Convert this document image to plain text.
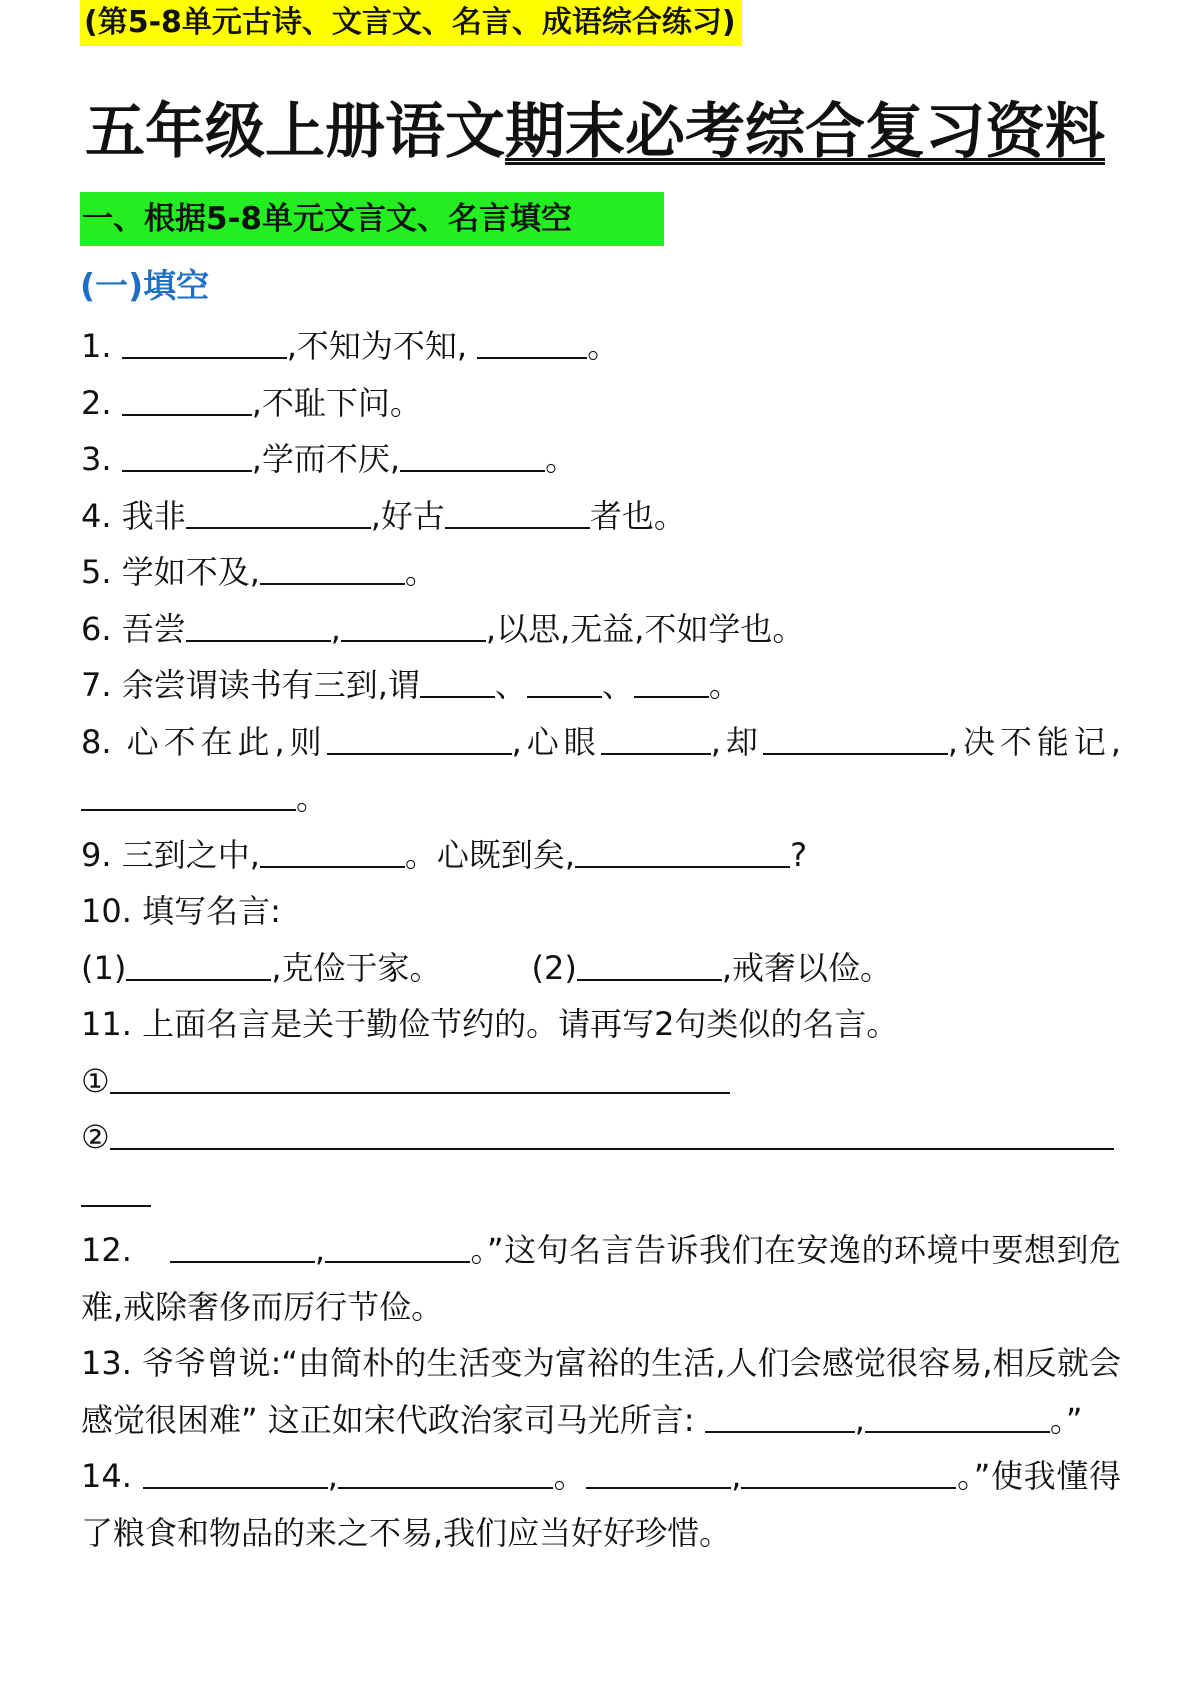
(第5-8单元古诗、文言文、名言、成语综合练习)
五年级上册语文期末必考综合复习资料
一、根据5-8单元文言文、名言填空
(一)填空
1.	,不知为不知,	。
2.	,不耻下问。
3.	,学而不厌,	。
4. 我非	,好古	者也。
5. 学如不及,	。
6. 吾尝	,	,以思,无益,不如学也。
7. 余尝谓读书有三到,谓 、 、 。
8. 心不在此,则	,心眼	,却	,决不能记,。
9. 三到之中,	。心既到矣,	?
10. 填写名言:
(1)	,克俭于家。	(2)	,戒奢以俭。
11. 上面名言是关于勤俭节约的。请再写2句类似的名言。
①
②
12.	,	。”这句名言告诉我们在安逸的环境中要想到危难,戒除奢侈而厉行节俭。
13. 爷爷曾说:“由简朴的生活变为富裕的生活,人们会感觉很容易,相反就会 感觉很困难” 这正如宋代政治家司马光所言:	,	。”
14.	,	。	,	。”使我懂得了粮食和物品的来之不易,我们应当好好珍惜。
